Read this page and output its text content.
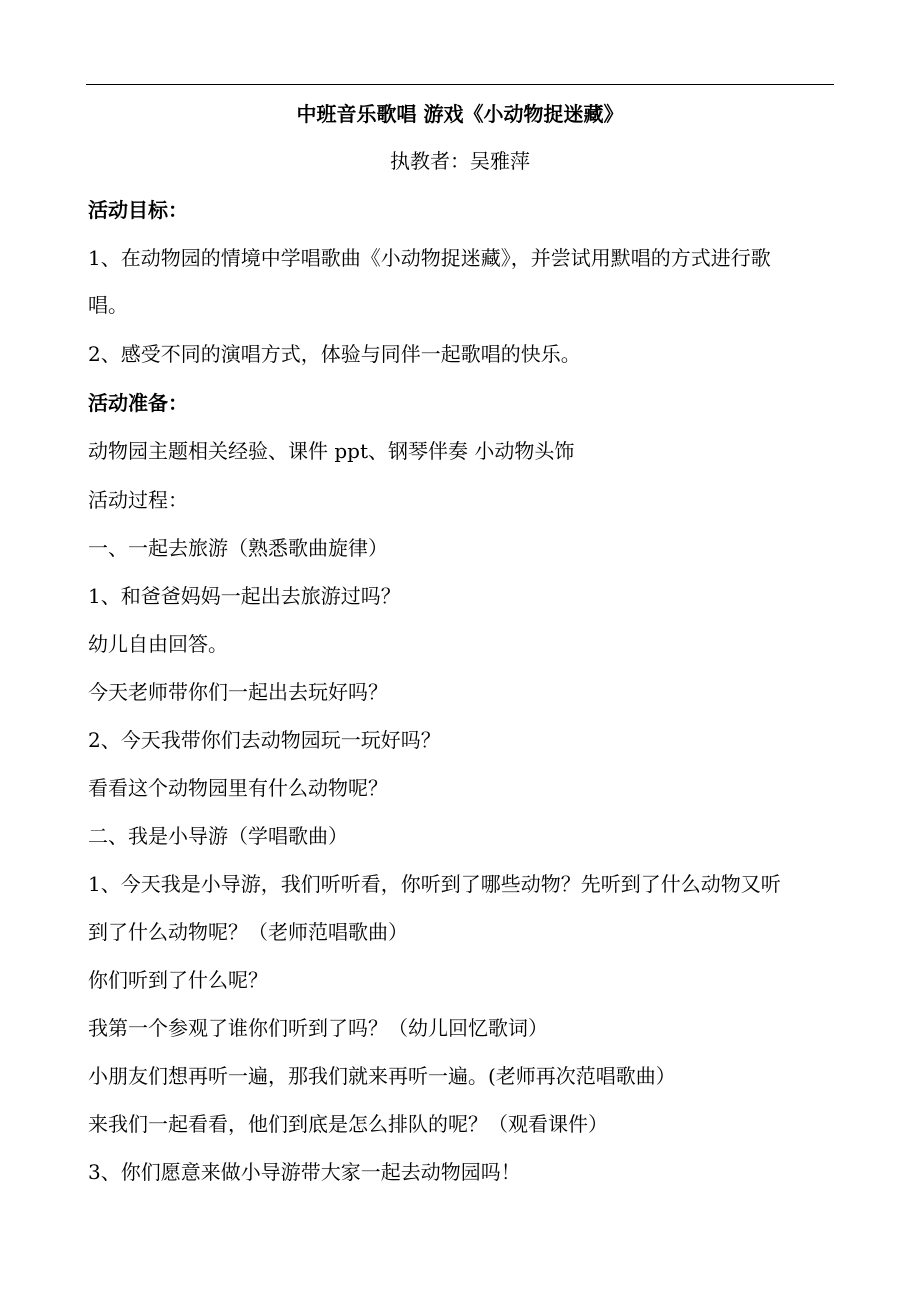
中班音乐歌唱 游戏《小动物捉迷藏》
执教者：吴雅萍
活动目标：
1、在动物园的情境中学唱歌曲《小动物捉迷藏》，并尝试用默唱的方式进行歌
唱。
2、感受不同的演唱方式，体验与同伴一起歌唱的快乐。
活动准备：
动物园主题相关经验、课件 ppt、钢琴伴奏 小动物头饰
活动过程：
一、一起去旅游（熟悉歌曲旋律）
1、和爸爸妈妈一起出去旅游过吗？
幼儿自由回答。
今天老师带你们一起出去玩好吗？
2、今天我带你们去动物园玩一玩好吗？
看看这个动物园里有什么动物呢？
二、我是小导游（学唱歌曲）
1、今天我是小导游，我们听听看，你听到了哪些动物？先听到了什么动物又听
到了什么动物呢？（老师范唱歌曲）
你们听到了什么呢？
我第一个参观了谁你们听到了吗？（幼儿回忆歌词）
小朋友们想再听一遍，那我们就来再听一遍。(老师再次范唱歌曲）
来我们一起看看，他们到底是怎么排队的呢？（观看课件）
3、你们愿意来做小导游带大家一起去动物园吗！
